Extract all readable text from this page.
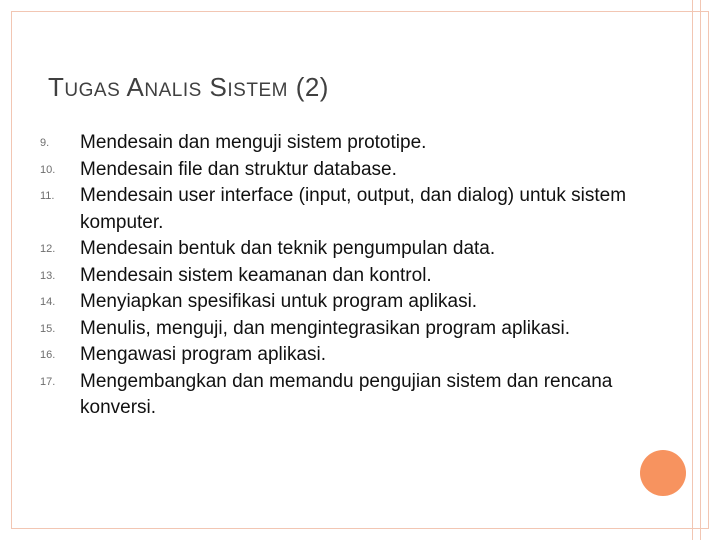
TUGAS ANALIS SISTEM (2)
9.	Mendesain dan menguji sistem prototipe.
10.	Mendesain file dan struktur database.
11.	Mendesain user interface (input, output, dan dialog) untuk sistem komputer.
12.	Mendesain bentuk dan teknik pengumpulan data.
13.	Mendesain sistem keamanan dan kontrol.
14.	Menyiapkan spesifikasi untuk program aplikasi.
15.	Menulis, menguji, dan mengintegrasikan program aplikasi.
16.	Mengawasi program aplikasi.
17.	Mengembangkan dan memandu pengujian sistem dan rencana konversi.
